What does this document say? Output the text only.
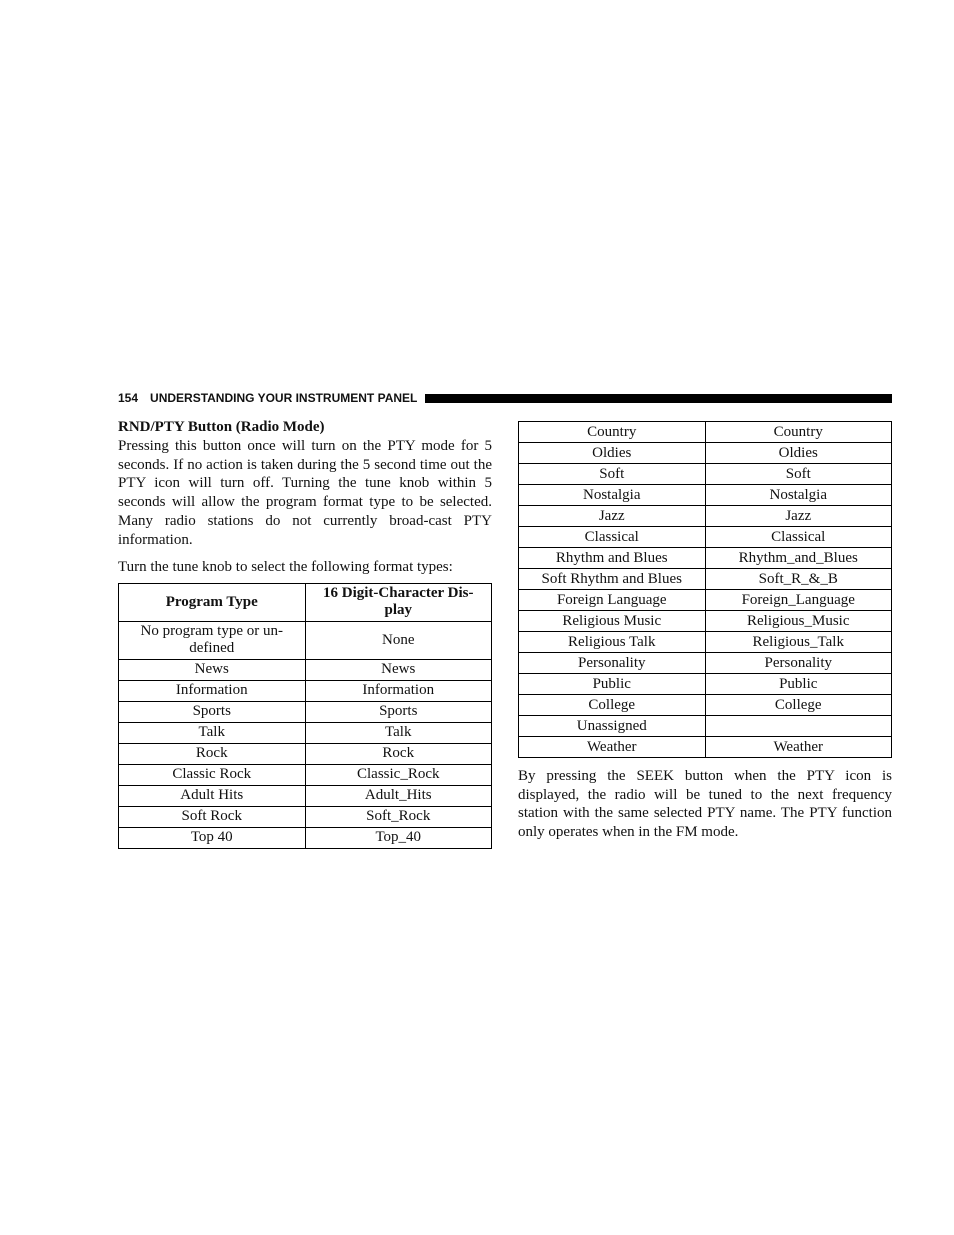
154 UNDERSTANDING YOUR INSTRUMENT PANEL

RND/PTY Button (Radio Mode)

Pressing this button once will turn on the PTY mode for 5 seconds. If no action is taken during the 5 second time out the PTY icon will turn off. Turning the tune knob within 5 seconds will allow the program format type to be selected. Many radio stations do not currently broad-cast PTY information.

Turn the tune knob to select the following format types:

Program Type	16 Digit-Character Dis-play
No program type or un-defined	None
News	News
Information	Information
Sports	Sports
Talk	Talk
Rock	Rock
Classic Rock	Classic_Rock
Adult Hits	Adult_Hits
Soft Rock	Soft_Rock
Top 40	Top_40
Country	Country
Oldies	Oldies
Soft	Soft
Nostalgia	Nostalgia
Jazz	Jazz
Classical	Classical
Rhythm and Blues	Rhythm_and_Blues
Soft Rhythm and Blues	Soft_R_&_B
Foreign Language	Foreign_Language
Religious Music	Religious_Music
Religious Talk	Religious_Talk
Personality	Personality
Public	Public
College	College
Unassigned	
Weather	Weather

By pressing the SEEK button when the PTY icon is displayed, the radio will be tuned to the next frequency station with the same selected PTY name. The PTY function only operates when in the FM mode.
